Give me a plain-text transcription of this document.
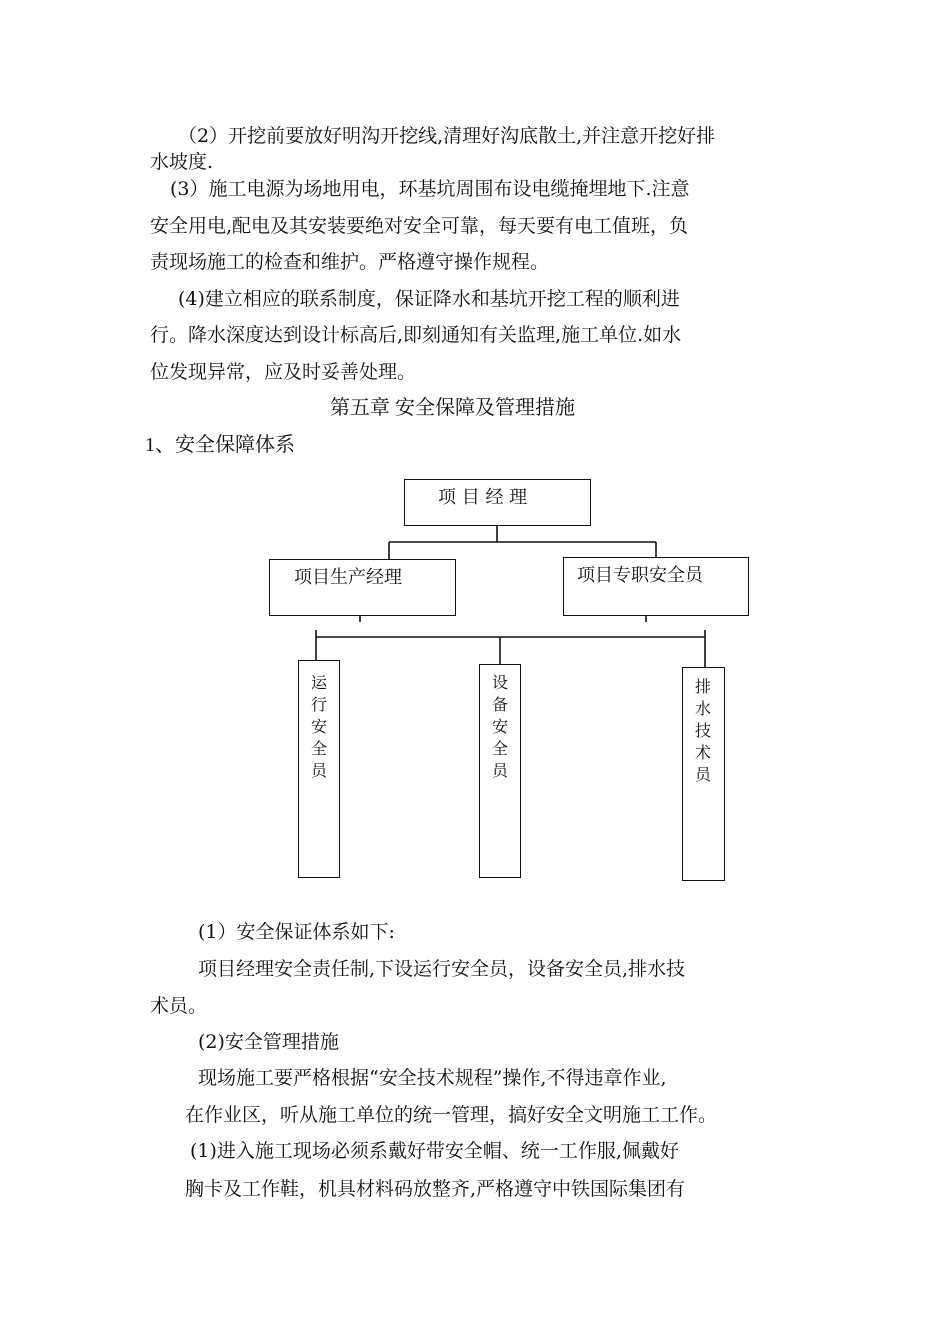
（2）开挖前要放好明沟开挖线,清理好沟底散土,并注意开挖好排
水坡度.
(3）施工电源为场地用电，环基坑周围布设电缆掩埋地下.注意
安全用电,配电及其安装要绝对安全可靠，每天要有电工值班，负
责现场施工的检查和维护。严格遵守操作规程。
(4)建立相应的联系制度，保证降水和基坑开挖工程的顺利进
行。降水深度达到设计标高后,即刻通知有关监理,施工单位.如水
位发现异常，应及时妥善处理。
第五章 安全保障及管理措施
1、安全保障体系
项 目 经 理
项目生产经理	项目专职安全员
运行安全员
设备安全员
排水技术员
(1）安全保证体系如下:
项目经理安全责任制,下设运行安全员，设备安全员,排水技
术员。
(2)安全管理措施
现场施工要严格根据“安全技术规程”操作,不得违章作业,
在作业区，听从施工单位的统一管理，搞好安全文明施工工作。
(1)进入施工现场必须系戴好带安全帽、统一工作服,佩戴好
胸卡及工作鞋，机具材料码放整齐,严格遵守中铁国际集团有
